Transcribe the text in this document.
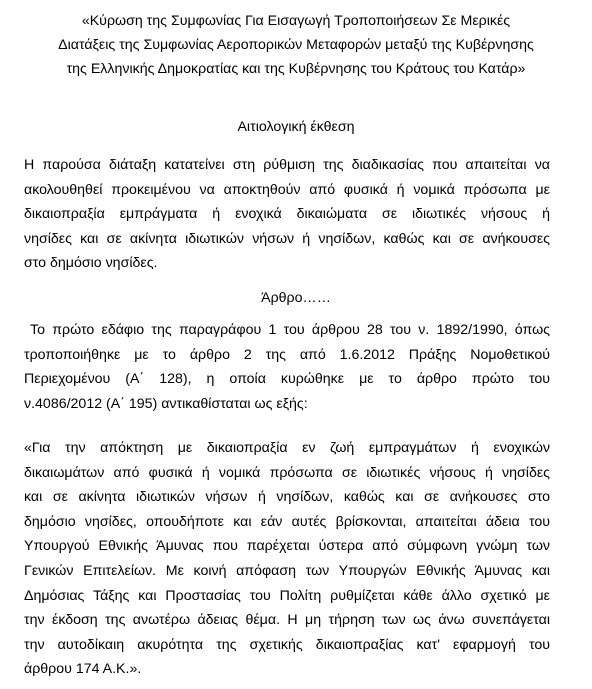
«Κύρωση της Συμφωνίας Για Εισαγωγή Τροποποιήσεων Σε Μερικές
Διατάξεις της Συμφωνίας Αεροπορικών Μεταφορών μεταξύ της Κυβέρνησης
της Ελληνικής Δημοκρατίας και της Κυβέρνησης του Κράτους του Κατάρ»
Αιτιολογική έκθεση
Η παρούσα διάταξη κατατείνει στη ρύθμιση της διαδικασίας που απαιτείται να
ακολουθηθεί προκειμένου να αποκτηθούν από φυσικά ή νομικά πρόσωπα με
δικαιοπραξία εμπράγματα ή ενοχικά δικαιώματα σε ιδιωτικές νήσους ή
νησίδες και σε ακίνητα ιδιωτικών νήσων ή νησίδων, καθώς και σε ανήκουσες
στο δημόσιο νησίδες.
Άρθρο……
Το πρώτο εδάφιο της παραγράφου 1 του άρθρου 28 του ν. 1892/1990, όπως
τροποποιήθηκε με το άρθρο 2 της από 1.6.2012 Πράξης Νομοθετικού
Περιεχομένου (Α΄ 128), η οποία κυρώθηκε με το άρθρο πρώτο του
ν.4086/2012 (Α΄ 195) αντικαθίσταται ως εξής:
«Για την απόκτηση με δικαιοπραξία εν ζωή εμπραγμάτων ή ενοχικών
δικαιωμάτων από φυσικά ή νομικά πρόσωπα σε ιδιωτικές νήσους ή νησίδες
και σε ακίνητα ιδιωτικών νήσων ή νησίδων, καθώς και σε ανήκουσες στο
δημόσιο νησίδες, οπουδήποτε και εάν αυτές βρίσκονται, απαιτείται άδεια του
Υπουργού Εθνικής Άμυνας που παρέχεται ύστερα από σύμφωνη γνώμη των
Γενικών Επιτελείων. Με κοινή απόφαση των Υπουργών Εθνικής Άμυνας και
Δημόσιας Τάξης και Προστασίας του Πολίτη ρυθμίζεται κάθε άλλο σχετικό με
την έκδοση της ανωτέρω άδειας θέμα. Η μη τήρηση των ως άνω συνεπάγεται
την αυτοδίκαιη ακυρότητα της σχετικής δικαιοπραξίας κατ' εφαρμογή του
άρθρου 174 Α.Κ.».
